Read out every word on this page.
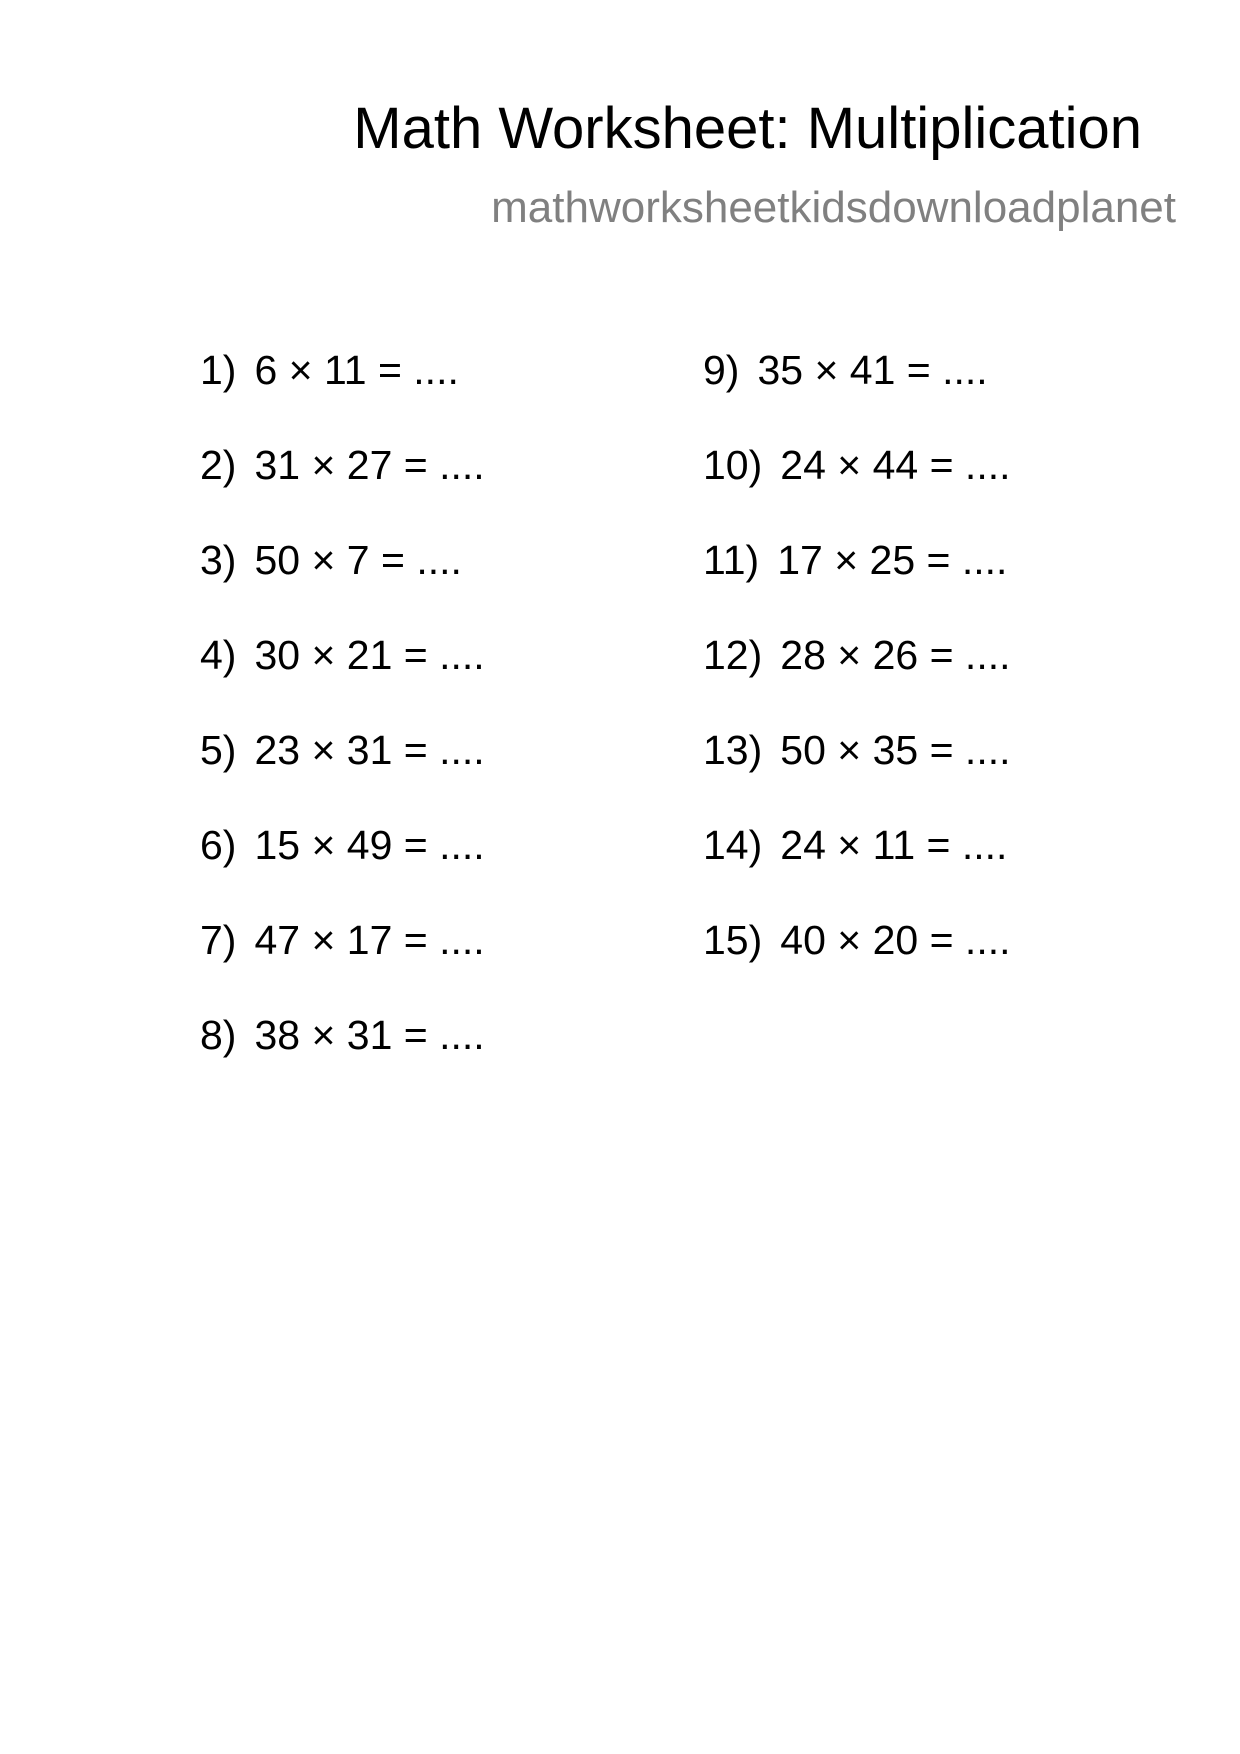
Math Worksheet: Multiplication
mathworksheetkidsdownloadplanet
1) 6 × 11 = ....
2) 31 × 27 = ....
3) 50 × 7 = ....
4) 30 × 21 = ....
5) 23 × 31 = ....
6) 15 × 49 = ....
7) 47 × 17 = ....
8) 38 × 31 = ....
9) 35 × 41 = ....
10) 24 × 44 = ....
11) 17 × 25 = ....
12) 28 × 26 = ....
13) 50 × 35 = ....
14) 24 × 11 = ....
15) 40 × 20 = ....
